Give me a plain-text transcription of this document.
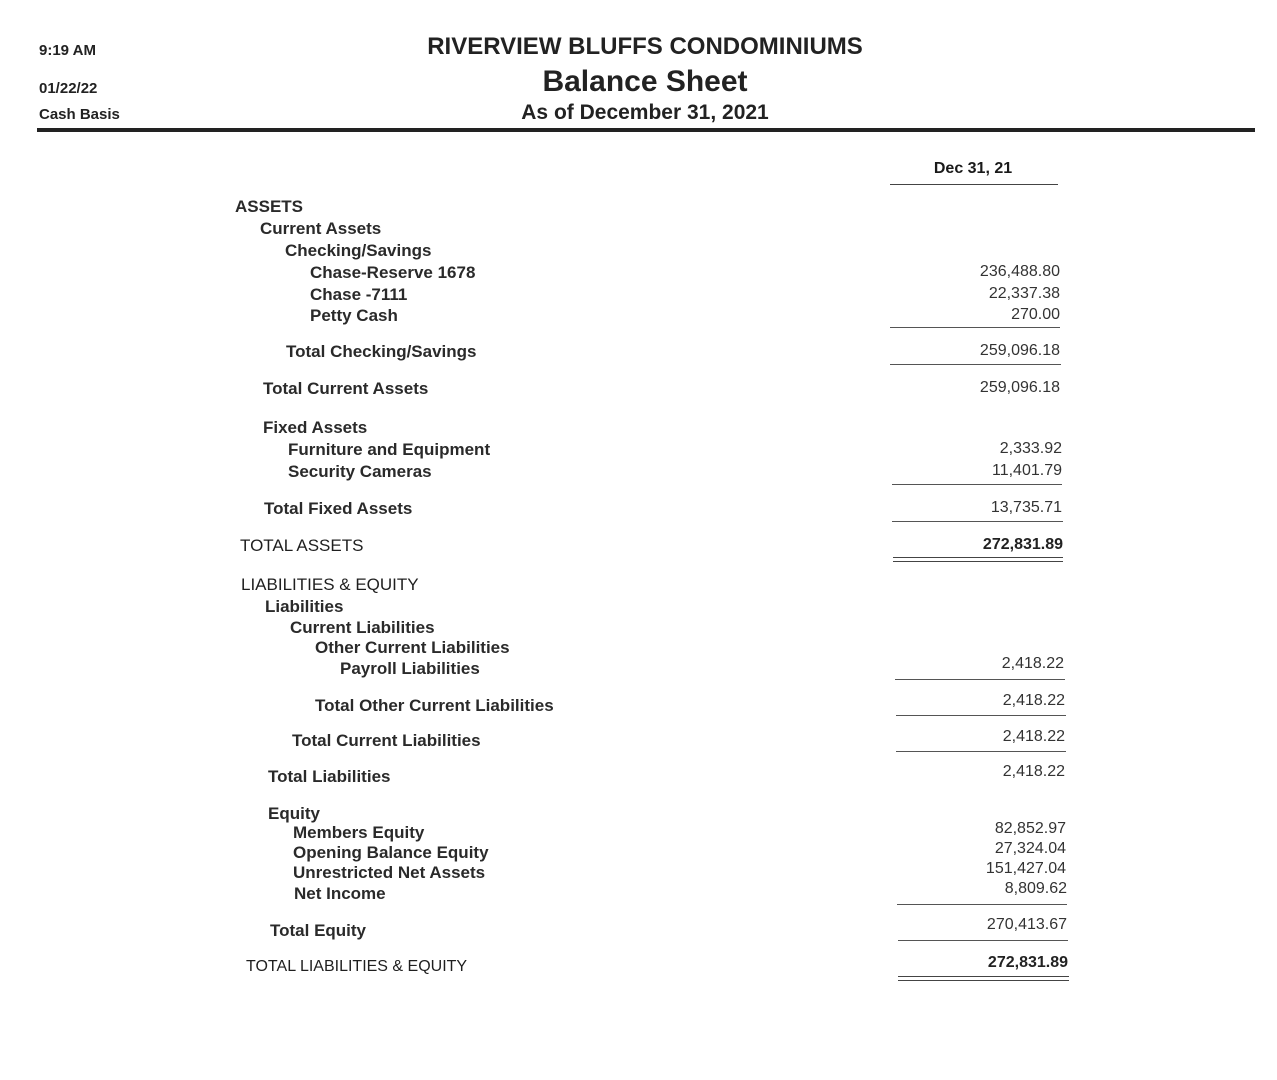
9:19 AM
01/22/22
Cash Basis
RIVERVIEW BLUFFS CONDOMINIUMS
Balance Sheet
As of December 31, 2021
Dec 31, 21
ASSETS
Current Assets
Checking/Savings
Chase-Reserve 1678	236,488.80
Chase -7111	22,337.38
Petty Cash	270.00
Total Checking/Savings	259,096.18
Total Current Assets	259,096.18
Fixed Assets
Furniture and Equipment	2,333.92
Security Cameras	11,401.79
Total Fixed Assets	13,735.71
TOTAL ASSETS	272,831.89
LIABILITIES & EQUITY
Liabilities
Current Liabilities
Other Current Liabilities
Payroll Liabilities	2,418.22
Total Other Current Liabilities	2,418.22
Total Current Liabilities	2,418.22
Total Liabilities	2,418.22
Equity
Members Equity	82,852.97
Opening Balance Equity	27,324.04
Unrestricted Net Assets	151,427.04
Net Income	8,809.62
Total Equity	270,413.67
TOTAL LIABILITIES & EQUITY	272,831.89
